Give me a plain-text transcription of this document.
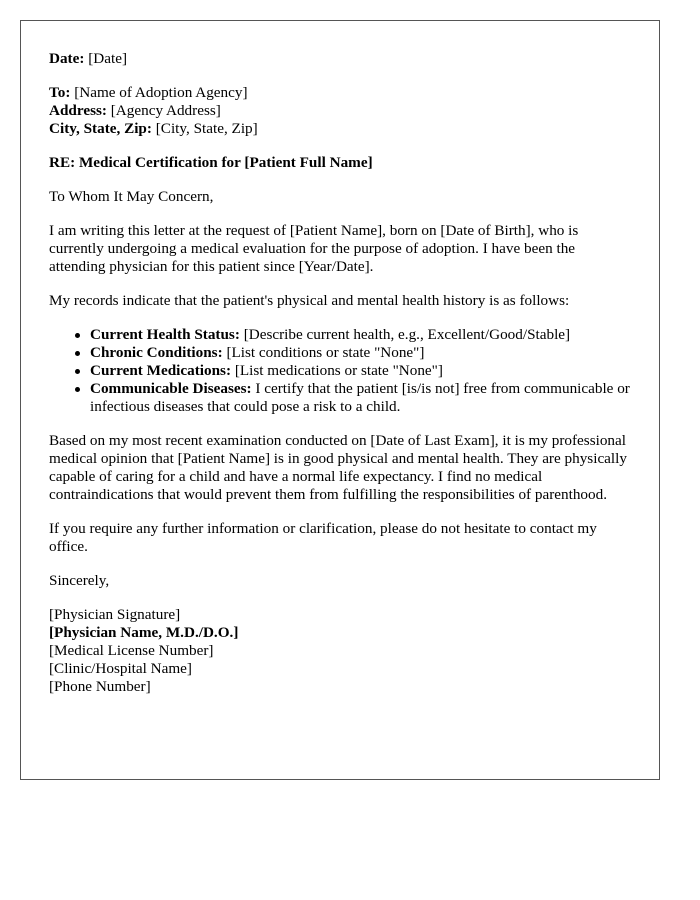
Date: [Date]

To: [Name of Adoption Agency]
Address: [Agency Address]
City, State, Zip: [City, State, Zip]

RE: Medical Certification for [Patient Full Name]

To Whom It May Concern,

I am writing this letter at the request of [Patient Name], born on [Date of Birth], who is currently undergoing a medical evaluation for the purpose of adoption. I have been the attending physician for this patient since [Year/Date].

My records indicate that the patient's physical and mental health history is as follows:

Current Health Status: [Describe current health, e.g., Excellent/Good/Stable]
Chronic Conditions: [List conditions or state "None"]
Current Medications: [List medications or state "None"]
Communicable Diseases: I certify that the patient [is/is not] free from communicable or infectious diseases that could pose a risk to a child.

Based on my most recent examination conducted on [Date of Last Exam], it is my professional medical opinion that [Patient Name] is in good physical and mental health. They are physically capable of caring for a child and have a normal life expectancy. I find no medical contraindications that would prevent them from fulfilling the responsibilities of parenthood.

If you require any further information or clarification, please do not hesitate to contact my office.

Sincerely,

[Physician Signature]
[Physician Name, M.D./D.O.]
[Medical License Number]
[Clinic/Hospital Name]
[Phone Number]
